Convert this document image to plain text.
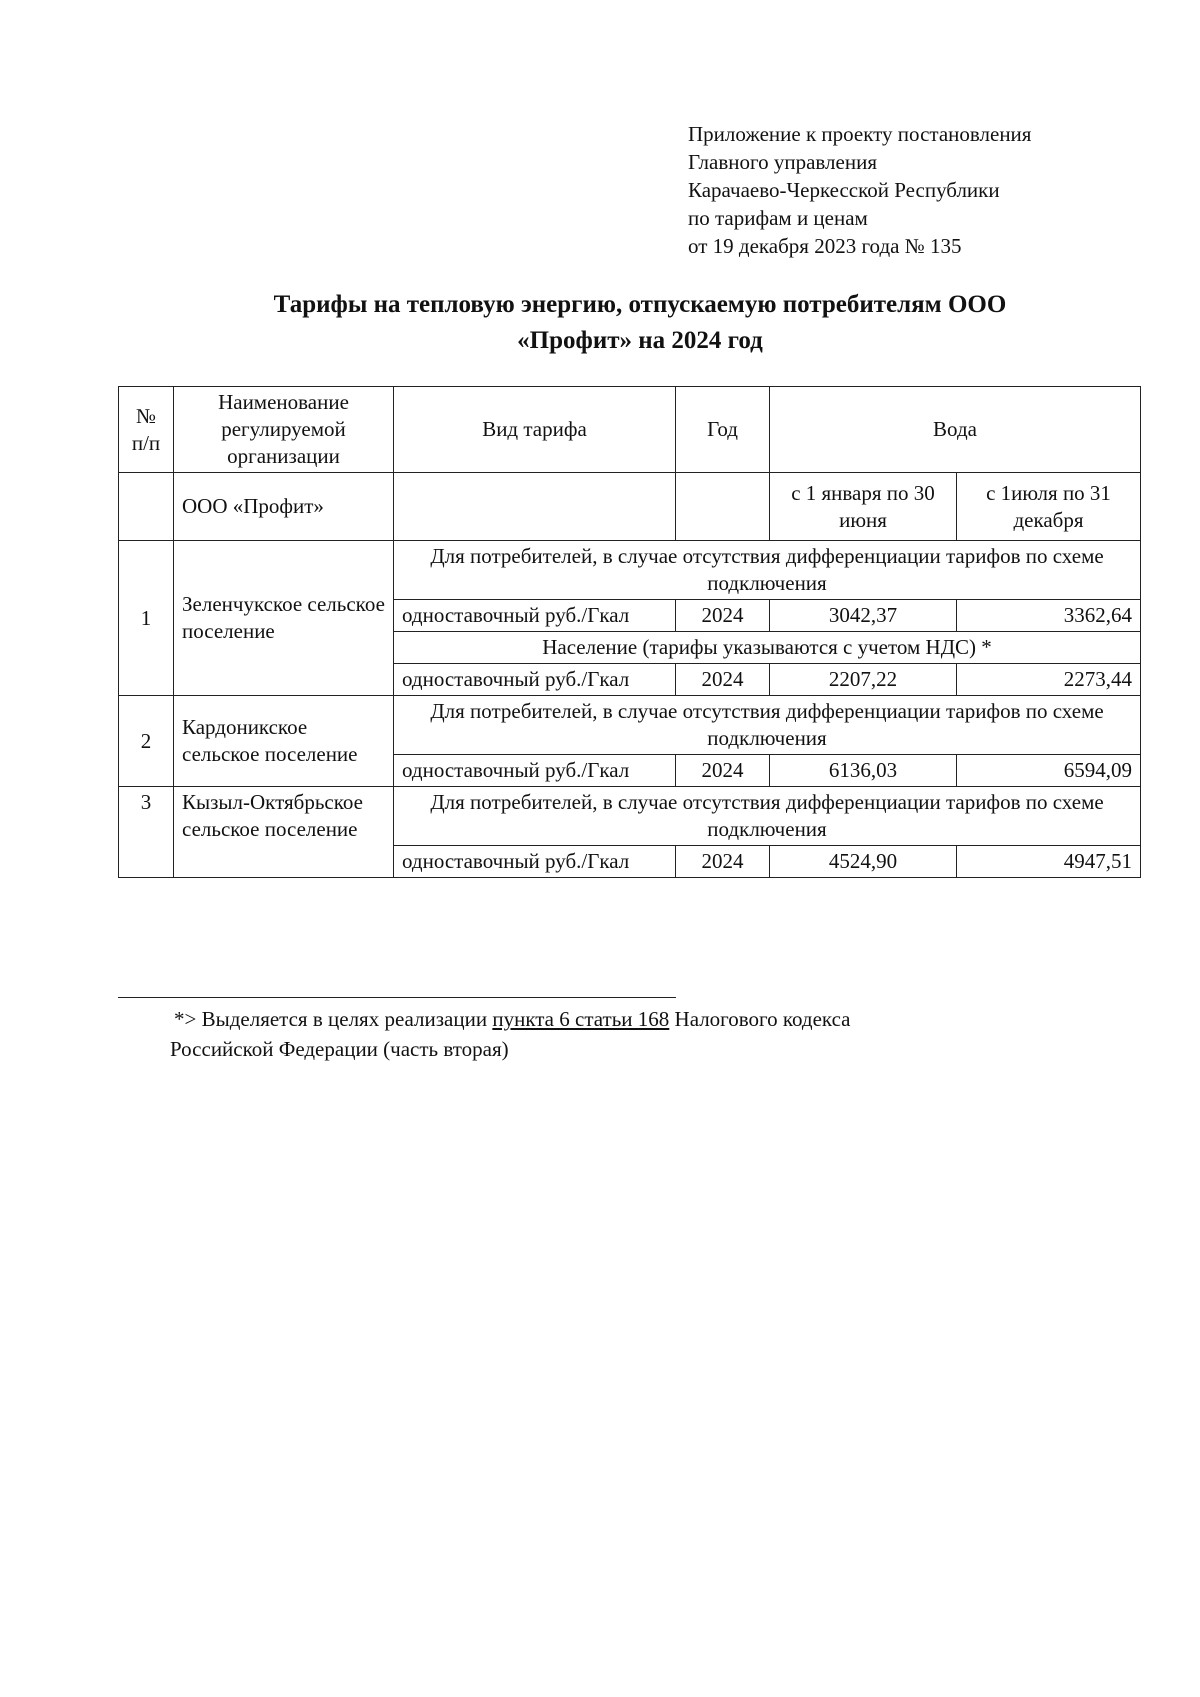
Приложение к проекту постановления
Главного управления
Карачаево-Черкесской Республики
по тарифам и ценам
от 19 декабря 2023 года № 135
Тарифы на тепловую энергию, отпускаемую потребителям ООО
«Профит» на 2024 год
№ п/п	Наименование регулируемой организации	Вид тарифа	Год	Вода	
	ООО «Профит»			с 1 января по 30 июня	с 1июля по 31 декабря
1	Зеленчукское сельское поселение	Для потребителей, в случае отсутствия дифференциации тарифов по схеме подключения			
		одноставочный руб./Гкал	2024	3042,37	3362,64
		Население (тарифы указываются с учетом НДС) *			
		одноставочный руб./Гкал	2024	2207,22	2273,44
2	Кардоникское сельское поселение	Для потребителей, в случае отсутствия дифференциации тарифов по схеме подключения			
		одноставочный руб./Гкал	2024	6136,03	6594,09
3	Кызыл-Октябрьское сельское поселение	Для потребителей, в случае отсутствия дифференциации тарифов по схеме подключения			
		одноставочный руб./Гкал	2024	4524,90	4947,51
*> Выделяется в целях реализации пункта 6 статьи 168 Налогового кодекса
Российской Федерации (часть вторая)
